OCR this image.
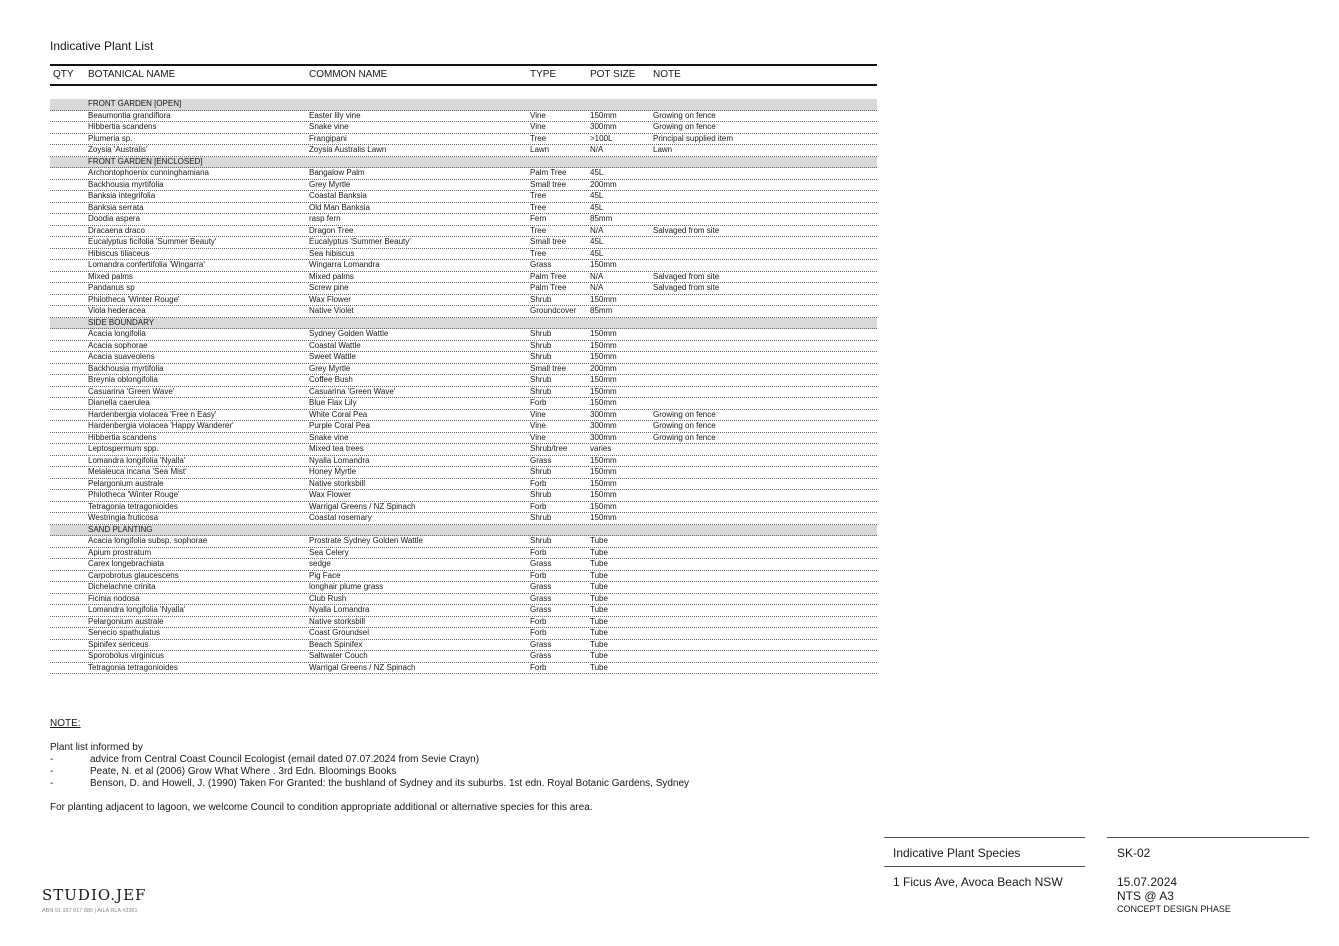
Indicative Plant List
QTY BOTANICAL NAME	COMMON NAME	TYPE	POT SIZE NOTE
FRONT GARDEN [OPEN]
Beaumontia grandiflora	Easter lily vine	Vine	150mm	Growing on fence
Hibbertia scandens	Snake vine	Vine	300mm	Growing on fence
Plumeria sp.	Frangipani	Tree	>100L	Principal supplied item
Zoysia 'Australis'	Zoysia Australis Lawn	Lawn	N/A	Lawn
FRONT GARDEN [ENCLOSED]
Archontophoenix cunninghamiana	Bangalow Palm	Palm Tree	45L
Backhousia myrtifolia	Grey Myrtle	Small tree	200mm
Banksia integrifolia	Coastal Banksia	Tree	45L
Banksia serrata	Old Man Banksia	Tree	45L
Doodia aspera	rasp fern	Fern	85mm
Dracaena draco	Dragon Tree	Tree	N/A	Salvaged from site
Eucalyptus ficifolia 'Summer Beauty'	Eucalyptus 'Summer Beauty'	Small tree	45L
Hibiscus tiliaceus	Sea hibiscus	Tree	45L
Lomandra confertifolia 'Wingarra'	Wingarra Lomandra	Grass	150mm
Mixed palms	Mixed palms	Palm Tree	N/A	Salvaged from site
Pandanus sp	Screw pine	Palm Tree	N/A	Salvaged from site
Philotheca 'Winter Rouge'	Wax Flower	Shrub	150mm
Viola hederacea	Native Violet	Groundcover 85mm
SIDE BOUNDARY
Acacia longifolia	Sydney Golden Wattle	Shrub	150mm
Acacia sophorae	Coastal Wattle	Shrub	150mm
Acacia suaveolens	Sweet Wattle	Shrub	150mm
Backhousia myrtifolia	Grey Myrtle	Small tree	200mm
Breynia oblongifolia	Coffee Bush	Shrub	150mm
Casuarina 'Green Wave'	Casuarina 'Green Wave'	Shrub	150mm
Dianella caerulea	Blue Flax Lily	Forb	150mm
Hardenbergia violacea 'Free n Easy'	White Coral Pea	Vine	300mm	Growing on fence
Hardenbergia violacea 'Happy Wanderer'	Purple Coral Pea	Vine	300mm	Growing on fence
Hibbertia scandens	Snake vine	Vine	300mm	Growing on fence
Leptospermum spp.	Mixed tea trees	Shrub/tree	varies
Lomandra longifolia 'Nyalla'	Nyalla Lomandra	Grass	150mm
Melaleuca incana 'Sea Mist'	Honey Myrtle	Shrub	150mm
Pelargonium australe	Native storksbill	Forb	150mm
Philotheca 'Winter Rouge'	Wax Flower	Shrub	150mm
Tetragonia tetragonioides	Warrigal Greens / NZ Spinach	Forb	150mm
Westringia fruticosa	Coastal rosemary	Shrub	150mm
SAND PLANTING
Acacia longifolia subsp. sophorae	Prostrate Sydney Golden Wattle	Shrub	Tube
Apium prostratum	Sea Celery	Forb	Tube
Carex longebrachiata	sedge	Grass	Tube
Carpobrotus glaucescens	Pig Face	Forb	Tube
Dichelachne crinita	longhair plume grass	Grass	Tube
Ficinia nodosa	Club Rush	Grass	Tube
Lomandra longifolia 'Nyalla'	Nyalla Lomandra	Grass	Tube
Pelargonium australe	Native storksbill	Forb	Tube
Senecio spathulatus	Coast Groundsel	Forb	Tube
Spinifex sericeus	Beach Spinifex	Grass	Tube
Sporobolus virginicus	Saltwater Couch	Grass	Tube
Tetragonia tetragonioides	Warrigal Greens / NZ Spinach	Forb	Tube
NOTE:
Plant list informed by
-	advice from Central Coast Council Ecologist (email dated 07.07.2024 from Sevie Crayn)
-	Peate, N. et al (2006) Grow What Where . 3rd Edn. Bloomings Books
-	Benson, D. and Howell, J. (1990) Taken For Granted: the bushland of Sydney and its suburbs. 1st edn. Royal Botanic Gardens, Sydney
For planting adjacent to lagoon, we welcome Council to condition appropriate additional or alternative species for this area.
Indicative Plant Species
1 Ficus Ave, Avoca Beach NSW
SK-02
15.07.2024
NTS @ A3
CONCEPT DESIGN PHASE
STUDIO.JEF
ABN 91 167 917 880 | AILA RLA #3361
